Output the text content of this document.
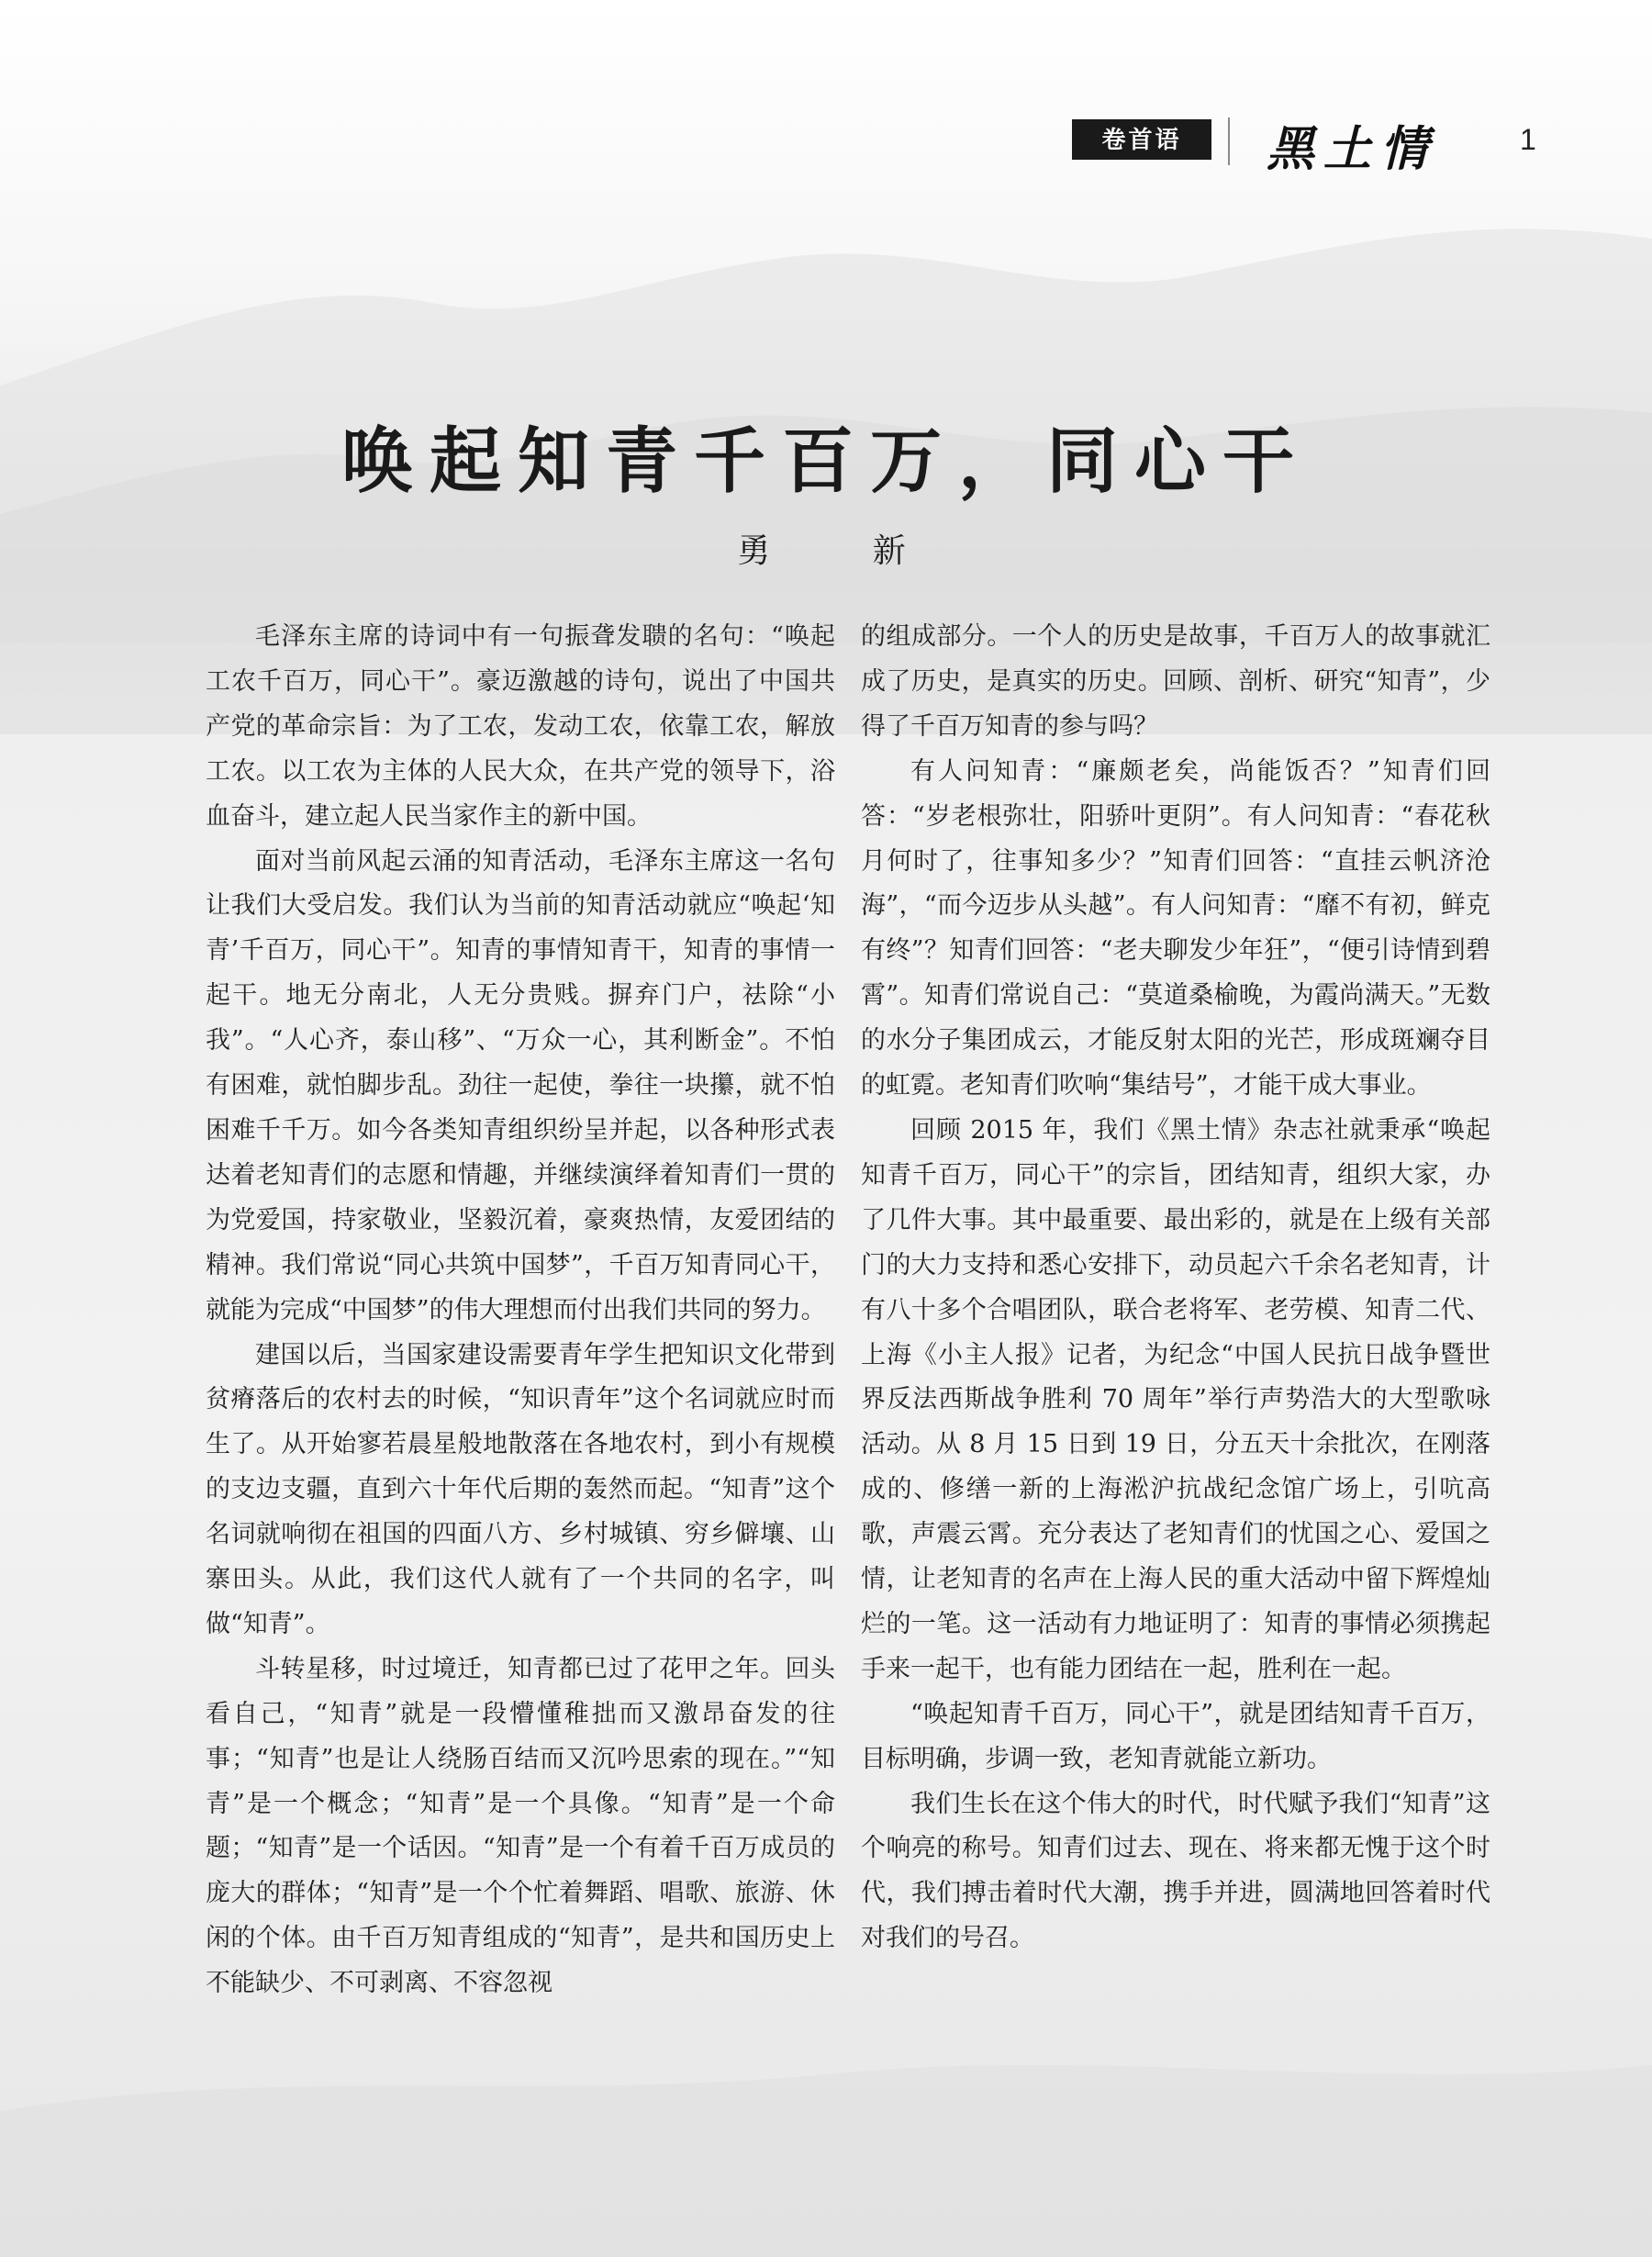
卷首语	黑土情	1
唤起知青千百万，同心干
勇 新

毛泽东主席的诗词中有一句振聋发聩的名句：“唤起工农千百万，同心干”。豪迈激越的诗句，说出了中国共产党的革命宗旨：为了工农，发动工农，依靠工农，解放工农。以工农为主体的人民大众，在共产党的领导下，浴血奋斗，建立起人民当家作主的新中国。

面对当前风起云涌的知青活动，毛泽东主席这一名句让我们大受启发。我们认为当前的知青活动就应“唤起‘知青’千百万，同心干”。知青的事情知青干，知青的事情一起干。地无分南北，人无分贵贱。摒弃门户，祛除“小我”。“人心齐，泰山移”、“万众一心，其利断金”。不怕有困难，就怕脚步乱。劲往一起使，拳往一块攥，就不怕困难千千万。如今各类知青组织纷呈并起，以各种形式表达着老知青们的志愿和情趣，并继续演绎着知青们一贯的为党爱国，持家敬业，坚毅沉着，豪爽热情，友爱团结的精神。我们常说“同心共筑中国梦”，千百万知青同心干，就能为完成“中国梦”的伟大理想而付出我们共同的努力。

建国以后，当国家建设需要青年学生把知识文化带到贫瘠落后的农村去的时候，“知识青年”这个名词就应时而生了。从开始寥若晨星般地散落在各地农村，到小有规模的支边支疆，直到六十年代后期的轰然而起。“知青”这个名词就响彻在祖国的四面八方、乡村城镇、穷乡僻壤、山寨田头。从此，我们这代人就有了一个共同的名字，叫做“知青”。

斗转星移，时过境迁，知青都已过了花甲之年。回头看自己，“知青”就是一段懵懂稚拙而又激昂奋发的往事；“知青”也是让人绕肠百结而又沉吟思索的现在。”“知青”是一个概念；“知青”是一个具像。“知青”是一个命题；“知青”是一个话因。“知青”是一个有着千百万成员的庞大的群体；“知青”是一个个忙着舞蹈、唱歌、旅游、休闲的个体。由千百万知青组成的“知青”，是共和国历史上不能缺少、不可剥离、不容忽视

的组成部分。一个人的历史是故事，千百万人的故事就汇成了历史，是真实的历史。回顾、剖析、研究“知青”，少得了千百万知青的参与吗？

有人问知青：“廉颇老矣，尚能饭否？”知青们回答：“岁老根弥壮，阳骄叶更阴”。有人问知青：“春花秋月何时了，往事知多少？”知青们回答：“直挂云帆济沧海”，“而今迈步从头越”。有人问知青：“靡不有初，鲜克有终”？知青们回答：“老夫聊发少年狂”，“便引诗情到碧霄”。知青们常说自己：“莫道桑榆晚，为霞尚满天。”无数的水分子集团成云，才能反射太阳的光芒，形成斑斓夺目的虹霓。老知青们吹响“集结号”，才能干成大事业。

回顾 2015 年，我们《黑土情》杂志社就秉承“唤起知青千百万，同心干”的宗旨，团结知青，组织大家，办了几件大事。其中最重要、最出彩的，就是在上级有关部门的大力支持和悉心安排下，动员起六千余名老知青，计有八十多个合唱团队，联合老将军、老劳模、知青二代、上海《小主人报》记者，为纪念“中国人民抗日战争暨世界反法西斯战争胜利 70 周年”举行声势浩大的大型歌咏活动。从 8 月 15 日到 19 日，分五天十余批次，在刚落成的、修缮一新的上海淞沪抗战纪念馆广场上，引吭高歌，声震云霄。充分表达了老知青们的忧国之心、爱国之情，让老知青的名声在上海人民的重大活动中留下辉煌灿烂的一笔。这一活动有力地证明了：知青的事情必须携起手来一起干，也有能力团结在一起，胜利在一起。

“唤起知青千百万，同心干”，就是团结知青千百万，目标明确，步调一致，老知青就能立新功。

我们生长在这个伟大的时代，时代赋予我们“知青”这个响亮的称号。知青们过去、现在、将来都无愧于这个时代，我们搏击着时代大潮，携手并进，圆满地回答着时代对我们的号召。
